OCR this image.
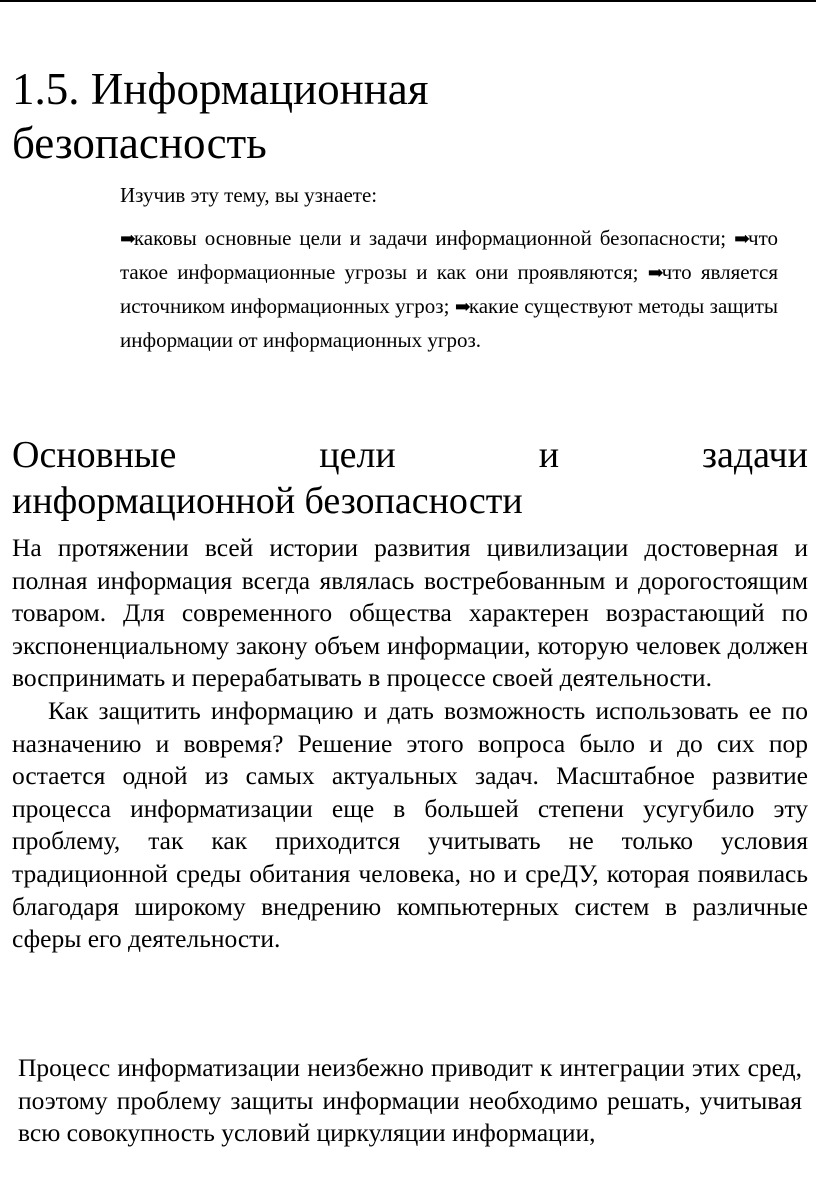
1.5. Информационная
безопасность
Изучив эту тему, вы узнаете:
➡каковы основные цели и задачи информационной безопасности; ➡что такое информационные угрозы и как они проявляются; ➡что является источником информационных угроз; ➡какие существуют методы защиты информации от информационных угроз.
Основные	цели	и	задачи
информационной безопасности

На протяжении всей истории развития цивилизации достоверная и полная информация всегда являлась востребованным и дорогостоящим товаром. Для современного общества характерен возрастающий по экспоненциальному закону объем информации, которую человек должен воспринимать и перерабатывать в процессе своей деятельности.

Как защитить информацию и дать возможность использовать ее по назначению и вовремя? Решение этого вопроса было и до сих пор остается одной из самых актуальных задач. Масштабное развитие процесса информатизации еще в большей степени усугубило эту проблему, так как приходится учитывать не только условия традиционной среды обитания человека, но и среДУ, которая появилась благодаря широкому внедрению компьютерных систем в различные сферы его деятельности.

Процесс информатизации неизбежно приводит к интеграции этих сред, поэтому проблему защиты информации необходимо решать, учитывая всю совокупность условий циркуляции информации,
